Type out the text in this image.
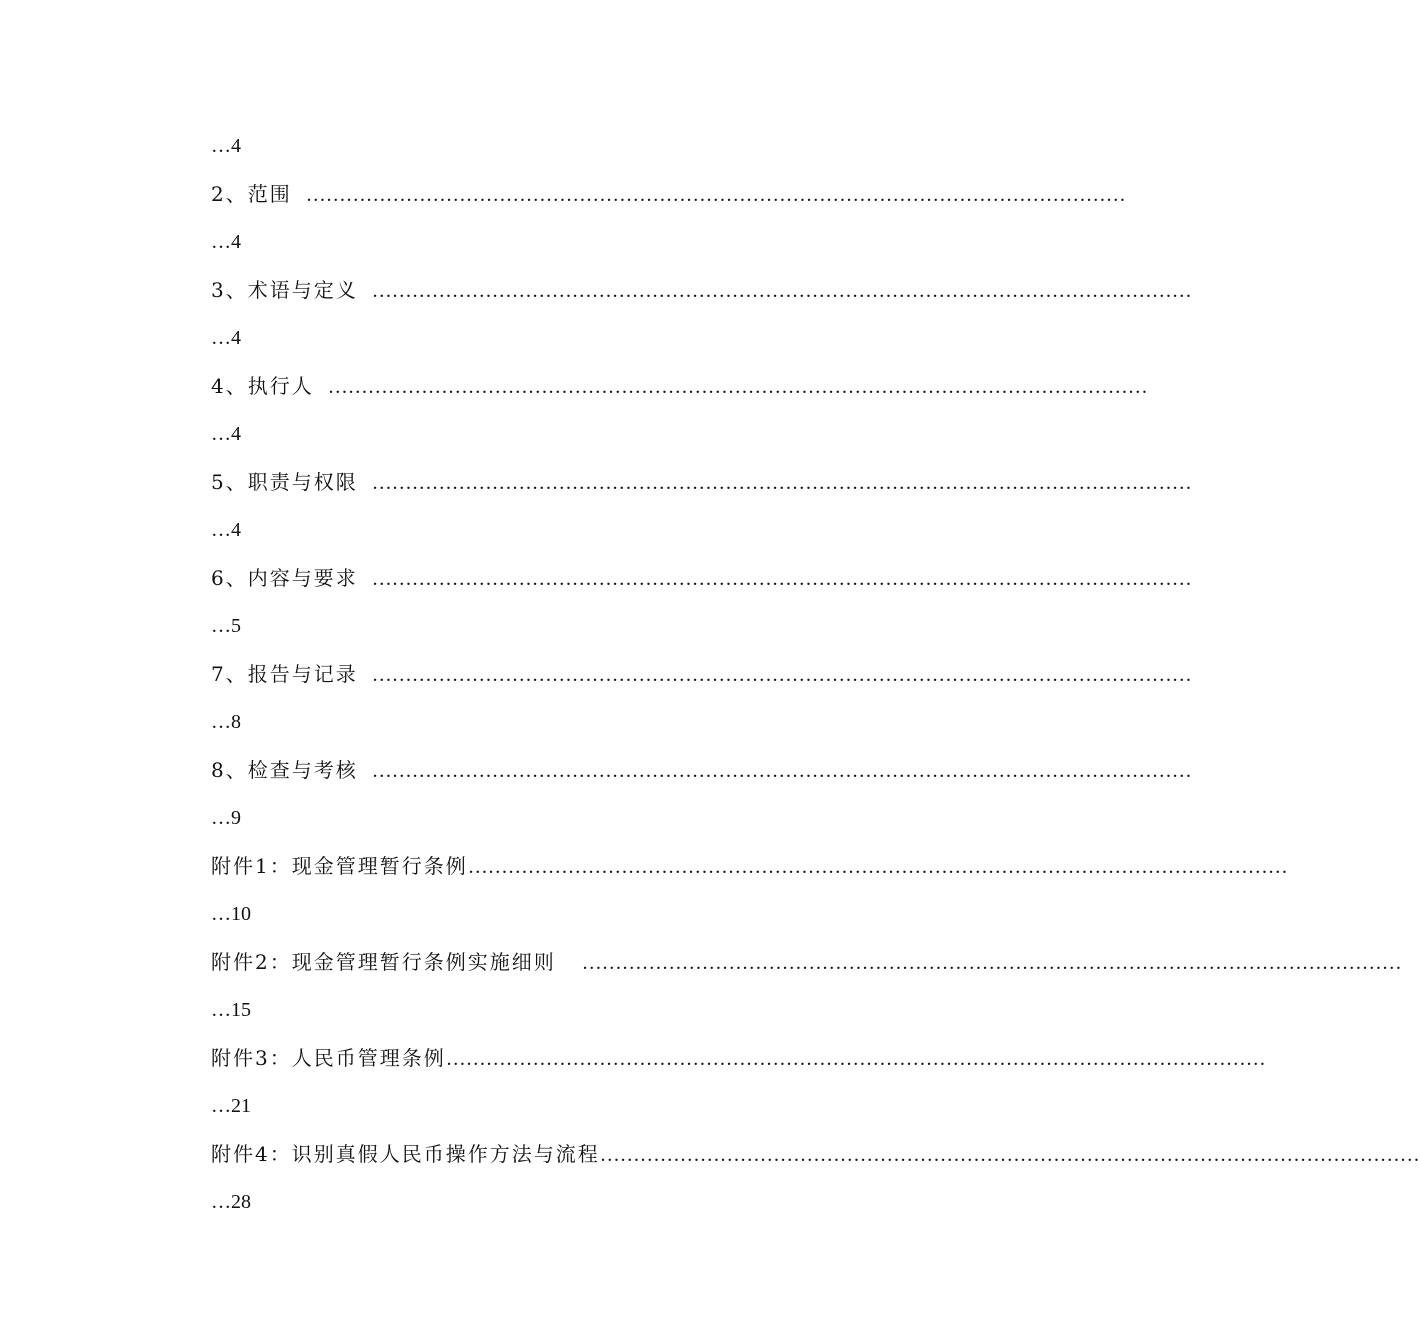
…4
2、范围 ……………………………………………………………………………………………………………
…4
3、术语与定义 ……………………………………………………………………………………………………………
…4
4、执行人 ……………………………………………………………………………………………………………
…4
5、职责与权限 ……………………………………………………………………………………………………………
…4
6、内容与要求 ……………………………………………………………………………………………………………
…5
7、报告与记录 ……………………………………………………………………………………………………………
…8
8、检查与考核 ……………………………………………………………………………………………………………
…9
附件1：现金管理暂行条例 ……………………………………………………………………………………………………………
…10
附件2：现金管理暂行条例实施细则 ……………………………………………………………………………………………………………
…15
附件3：人民币管理条例 ……………………………………………………………………………………………………………
…21
附件4：识别真假人民币操作方法与流程 ……………………………………………………………………………………………………………
…28
